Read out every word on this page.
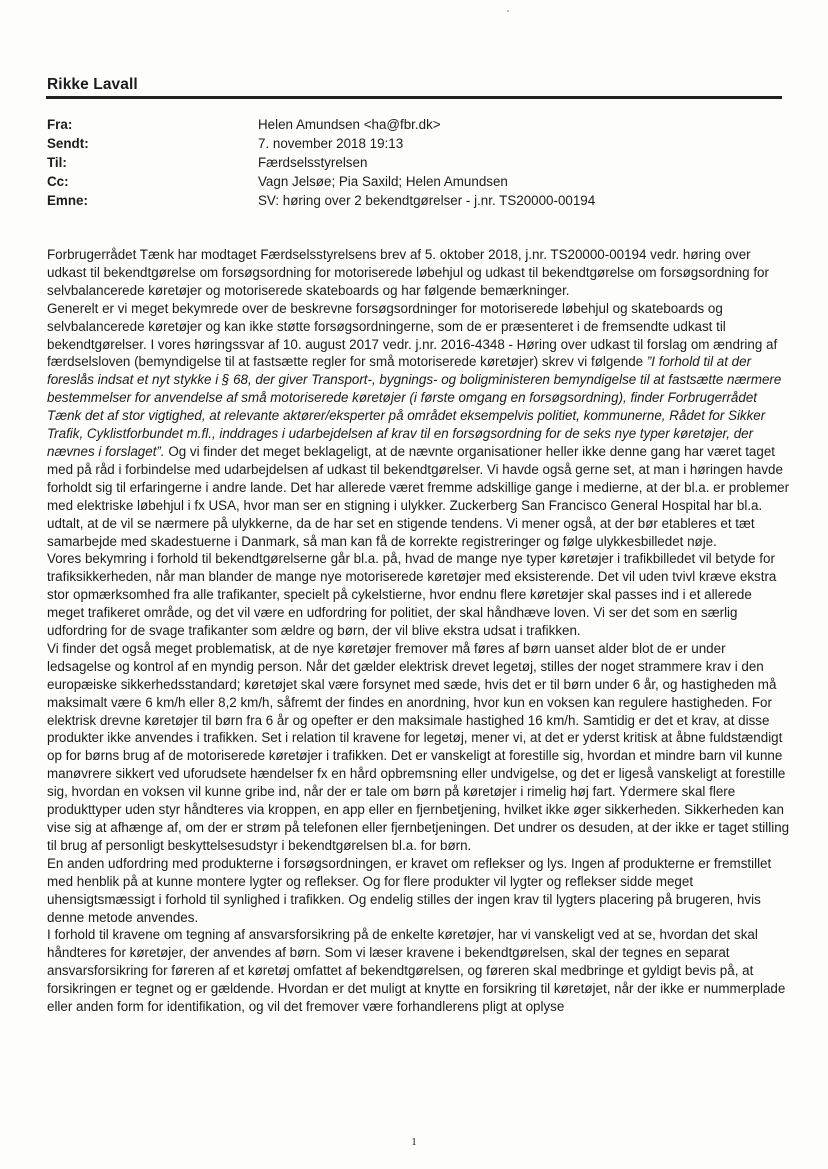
Rikke Lavall
Fra:	Helen Amundsen <ha@fbr.dk>
Sendt:	7. november 2018 19:13
Til:	Færdselsstyrelsen
Cc:	Vagn Jelsøe; Pia Saxild; Helen Amundsen
Emne:	SV: høring over 2 bekendtgørelser - j.nr. TS20000-00194

Forbrugerrådet Tænk har modtaget Færdselsstyrelsens brev af 5. oktober 2018, j.nr. TS20000-00194 vedr. høring over udkast til bekendtgørelse om forsøgsordning for motoriserede løbehjul og udkast til bekendtgørelse om forsøgsordning for selvbalancerede køretøjer og motoriserede skateboards og har følgende bemærkninger.

Generelt er vi meget bekymrede over de beskrevne forsøgsordninger for motoriserede løbehjul og skateboards og selvbalancerede køretøjer og kan ikke støtte forsøgsordningerne, som de er præsenteret i de fremsendte udkast til bekendtgørelser. I vores høringssvar af 10. august 2017 vedr. j.nr. 2016-4348 - Høring over udkast til forslag om ændring af færdselsloven (bemyndigelse til at fastsætte regler for små motoriserede køretøjer) skrev vi følgende ”I forhold til at der foreslås indsat et nyt stykke i § 68, der giver Transport-, bygnings- og boligministeren bemyndigelse til at fastsætte nærmere bestemmelser for anvendelse af små motoriserede køretøjer (i første omgang en forsøgsordning), finder Forbrugerrådet Tænk det af stor vigtighed, at relevante aktører/eksperter på området eksempelvis politiet, kommunerne, Rådet for Sikker Trafik, Cyklistforbundet m.fl., inddrages i udarbejdelsen af krav til en forsøgsordning for de seks nye typer køretøjer, der nævnes i forslaget”. Og vi finder det meget beklageligt, at de nævnte organisationer heller ikke denne gang har været taget med på råd i forbindelse med udarbejdelsen af udkast til bekendtgørelser. Vi havde også gerne set, at man i høringen havde forholdt sig til erfaringerne i andre lande. Det har allerede været fremme adskillige gange i medierne, at der bl.a. er problemer med elektriske løbehjul i fx USA, hvor man ser en stigning i ulykker. Zuckerberg San Francisco General Hospital har bl.a. udtalt, at de vil se nærmere på ulykkerne, da de har set en stigende tendens. Vi mener også, at der bør etableres et tæt samarbejde med skadestuerne i Danmark, så man kan få de korrekte registreringer og følge ulykkesbilledet nøje.

Vores bekymring i forhold til bekendtgørelserne går bl.a. på, hvad de mange nye typer køretøjer i trafikbilledet vil betyde for trafiksikkerheden, når man blander de mange nye motoriserede køretøjer med eksisterende. Det vil uden tvivl kræve ekstra stor opmærksomhed fra alle trafikanter, specielt på cykelstierne, hvor endnu flere køretøjer skal passes ind i et allerede meget trafikeret område, og det vil være en udfordring for politiet, der skal håndhæve loven. Vi ser det som en særlig udfordring for de svage trafikanter som ældre og børn, der vil blive ekstra udsat i trafikken.

Vi finder det også meget problematisk, at de nye køretøjer fremover må føres af børn uanset alder blot de er under ledsagelse og kontrol af en myndig person. Når det gælder elektrisk drevet legetøj, stilles der noget strammere krav i den europæiske sikkerhedsstandard; køretøjet skal være forsynet med sæde, hvis det er til børn under 6 år, og hastigheden må maksimalt være 6 km/h eller 8,2 km/h, såfremt der findes en anordning, hvor kun en voksen kan regulere hastigheden. For elektrisk drevne køretøjer til børn fra 6 år og opefter er den maksimale hastighed 16 km/h. Samtidig er det et krav, at disse produkter ikke anvendes i trafikken. Set i relation til kravene for legetøj, mener vi, at det er yderst kritisk at åbne fuldstændigt op for børns brug af de motoriserede køretøjer i trafikken. Det er vanskeligt at forestille sig, hvordan et mindre barn vil kunne manøvrere sikkert ved uforudsete hændelser fx en hård opbremsning eller undvigelse, og det er ligeså vanskeligt at forestille sig, hvordan en voksen vil kunne gribe ind, når der er tale om børn på køretøjer i rimelig høj fart. Ydermere skal flere produkttyper uden styr håndteres via kroppen, en app eller en fjernbetjening, hvilket ikke øger sikkerheden. Sikkerheden kan vise sig at afhænge af, om der er strøm på telefonen eller fjernbetjeningen. Det undrer os desuden, at der ikke er taget stilling til brug af personligt beskyttelsesudstyr i bekendtgørelsen bl.a. for børn.

En anden udfordring med produkterne i forsøgsordningen, er kravet om reflekser og lys. Ingen af produkterne er fremstillet med henblik på at kunne montere lygter og reflekser. Og for flere produkter vil lygter og reflekser sidde meget uhensigtsmæssigt i forhold til synlighed i trafikken. Og endelig stilles der ingen krav til lygters placering på brugeren, hvis denne metode anvendes.

I forhold til kravene om tegning af ansvarsforsikring på de enkelte køretøjer, har vi vanskeligt ved at se, hvordan det skal håndteres for køretøjer, der anvendes af børn. Som vi læser kravene i bekendtgørelsen, skal der tegnes en separat ansvarsforsikring for føreren af et køretøj omfattet af bekendtgørelsen, og føreren skal medbringe et gyldigt bevis på, at forsikringen er tegnet og er gældende. Hvordan er det muligt at knytte en forsikring til køretøjet, når der ikke er nummerplade eller anden form for identifikation, og vil det fremover være forhandlerens pligt at oplyse

1
